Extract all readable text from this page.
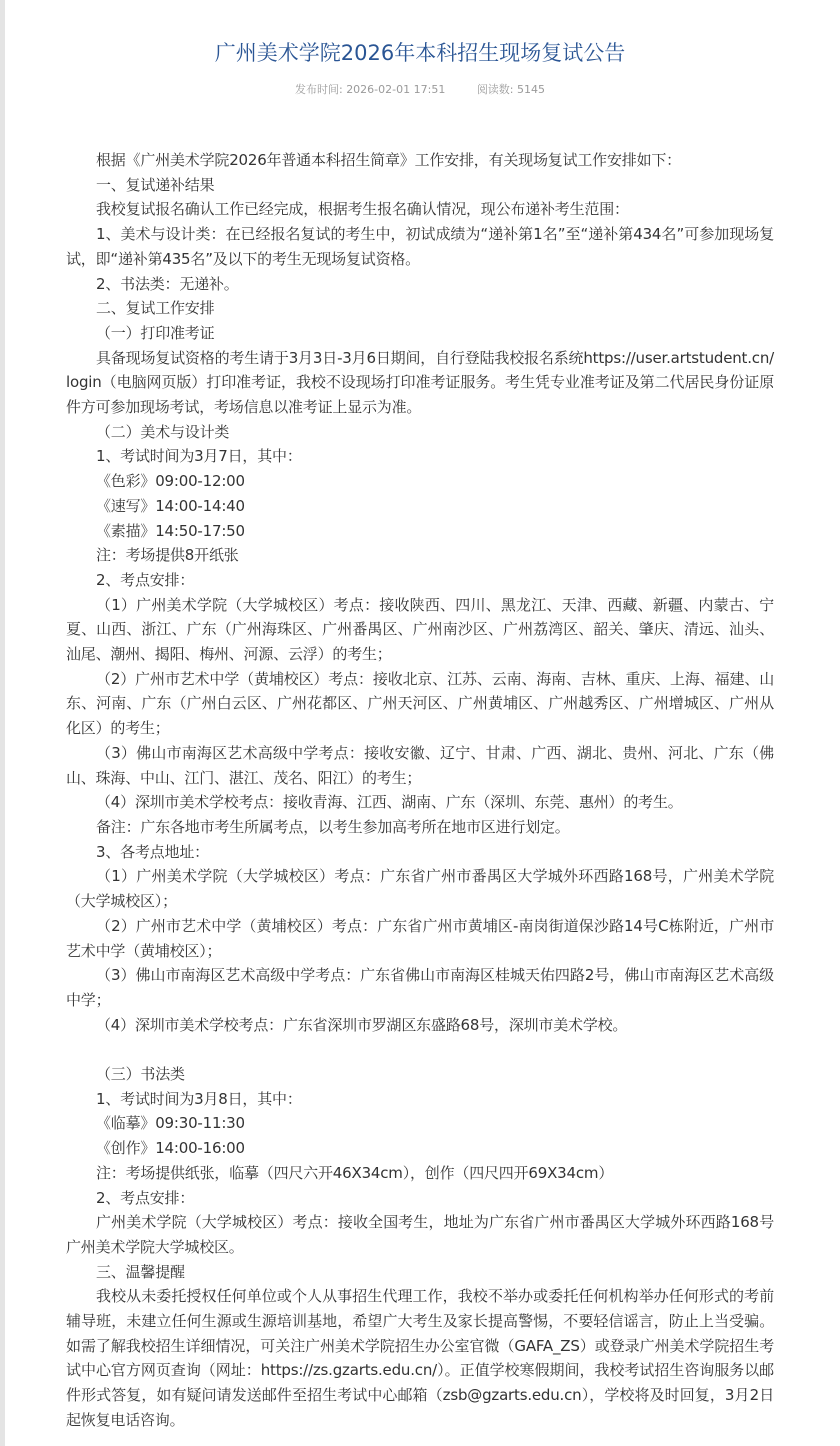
广州美术学院2026年本科招生现场复试公告
发布时间: 2026-02-01 17:51	阅读数: 5145

根据《广州美术学院2026年普通本科招生简章》工作安排，有关现场复试工作安排如下：

一、复试递补结果

我校复试报名确认工作已经完成，根据考生报名确认情况，现公布递补考生范围：

1、美术与设计类：在已经报名复试的考生中，初试成绩为“递补第1名”至“递补第434名”可参加现场复试，即“递补第435名”及以下的考生无现场复试资格。

2、书法类：无递补。

二、复试工作安排

（一）打印准考证

具备现场复试资格的考生请于3月3日-3月6日期间，自行登陆我校报名系统https://user.artstudent.cn/login（电脑网页版）打印准考证，我校不设现场打印准考证服务。考生凭专业准考证及第二代居民身份证原件方可参加现场考试，考场信息以准考证上显示为准。

（二）美术与设计类

1、考试时间为3月7日，其中：

《色彩》09:00-12:00

《速写》14:00-14:40

《素描》14:50-17:50

注：考场提供8开纸张

2、考点安排：

（1）广州美术学院（大学城校区）考点：接收陕西、四川、黑龙江、天津、西藏、新疆、内蒙古、宁夏、山西、浙江、广东（广州海珠区、广州番禺区、广州南沙区、广州荔湾区、韶关、肇庆、清远、汕头、汕尾、潮州、揭阳、梅州、河源、云浮）的考生；

（2）广州市艺术中学（黄埔校区）考点：接收北京、江苏、云南、海南、吉林、重庆、上海、福建、山东、河南、广东（广州白云区、广州花都区、广州天河区、广州黄埔区、广州越秀区、广州增城区、广州从化区）的考生；

（3）佛山市南海区艺术高级中学考点：接收安徽、辽宁、甘肃、广西、湖北、贵州、河北、广东（佛山、珠海、中山、江门、湛江、茂名、阳江）的考生；

（4）深圳市美术学校考点：接收青海、江西、湖南、广东（深圳、东莞、惠州）的考生。

备注：广东各地市考生所属考点，以考生参加高考所在地市区进行划定。

3、各考点地址：

（1）广州美术学院（大学城校区）考点：广东省广州市番禺区大学城外环西路168号，广州美术学院（大学城校区）；

（2）广州市艺术中学（黄埔校区）考点：广东省广州市黄埔区-南岗街道保沙路14号C栋附近，广州市艺术中学（黄埔校区）；

（3）佛山市南海区艺术高级中学考点：广东省佛山市南海区桂城天佑四路2号，佛山市南海区艺术高级中学；

（4）深圳市美术学校考点：广东省深圳市罗湖区东盛路68号，深圳市美术学校。

（三）书法类

1、考试时间为3月8日，其中：

《临摹》09:30-11:30

《创作》14:00-16:00

注：考场提供纸张，临摹（四尺六开46X34cm），创作（四尺四开69X34cm）

2、考点安排：

广州美术学院（大学城校区）考点：接收全国考生，地址为广东省广州市番禺区大学城外环西路168号广州美术学院大学城校区。

三、温馨提醒

我校从未委托授权任何单位或个人从事招生代理工作，我校不举办或委托任何机构举办任何形式的考前辅导班，未建立任何生源或生源培训基地，希望广大考生及家长提高警惕，不要轻信谣言，防止上当受骗。如需了解我校招生详细情况，可关注广州美术学院招生办公室官微（GAFA_ZS）或登录广州美术学院招生考试中心官方网页查询（网址：https://zs.gzarts.edu.cn/）。正值学校寒假期间，我校考试招生咨询服务以邮件形式答复，如有疑问请发送邮件至招生考试中心邮箱（zsb@gzarts.edu.cn），学校将及时回复，3月2日起恢复电话咨询。
